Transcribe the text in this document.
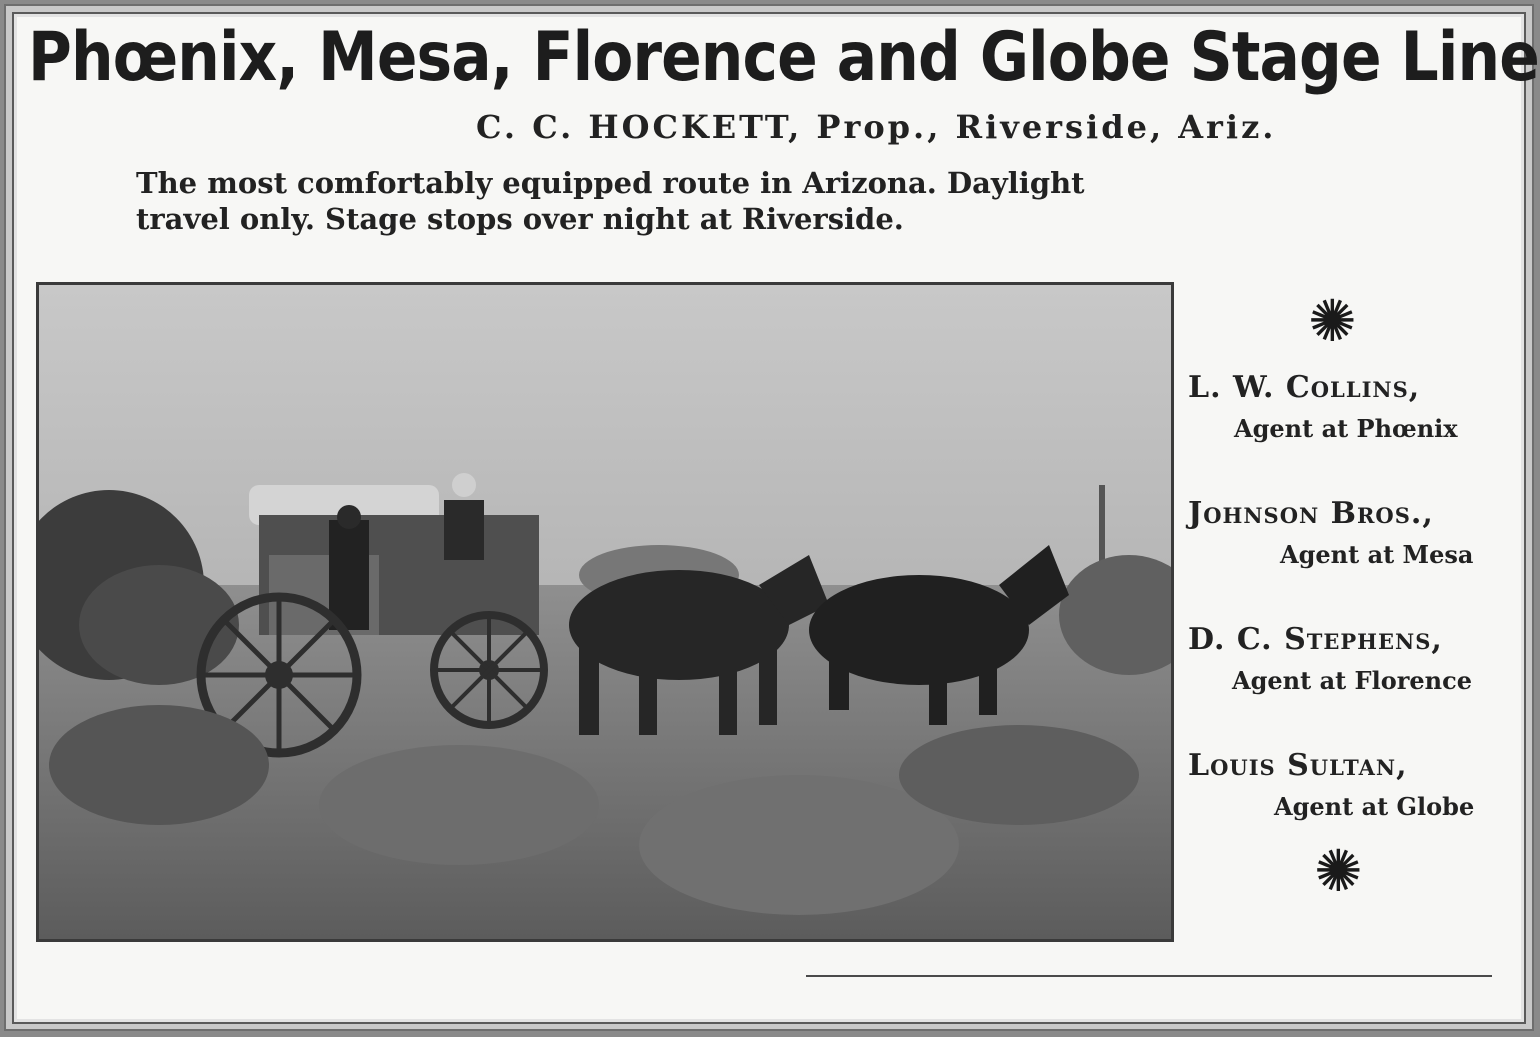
Phœnix, Mesa, Florence and Globe Stage Line
C. C. HOCKETT, Prop., Riverside, Ariz.
The most comfortably equipped route in Arizona. Daylight
travel only. Stage stops over night at Riverside.
✺
L. W. Collins,
Agent at Phœnix
Johnson Bros.,
Agent at Mesa
D. C. Stephens,
Agent at Florence
Louis Sultan,
Agent at Globe
✺
